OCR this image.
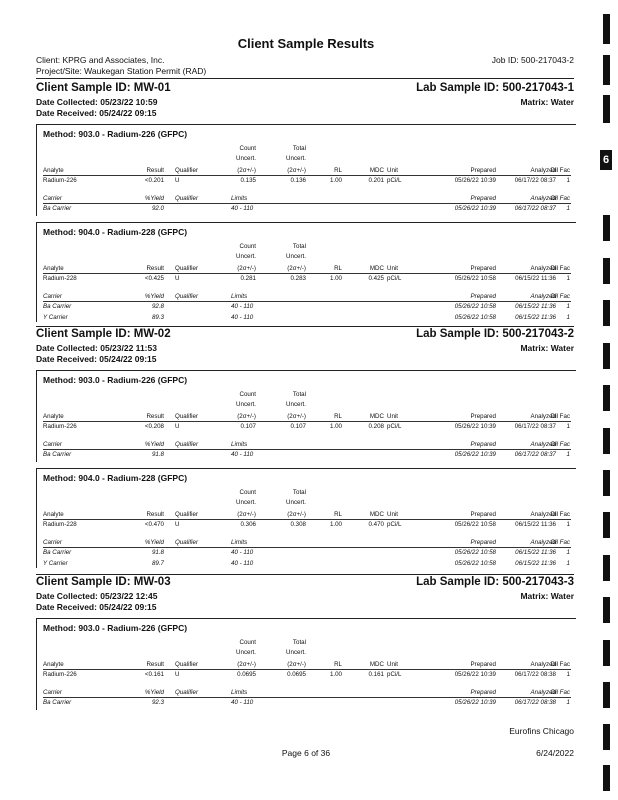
Client Sample Results
Client: KPRG and Associates, Inc.
Project/Site: Waukegan Station Permit (RAD)
Job ID: 500-217043-2
Client Sample ID: MW-01	Lab Sample ID: 500-217043-1
Date Collected: 05/23/22 10:59	Matrix: Water
Date Received: 05/24/22 09:15
Method: 903.0 - Radium-226 (GFPC)
Count	Total
Uncert.	Uncert.
Analyte	Result Qualifier	(2σ+/-)	(2σ+/-)	RL	MDC Unit	Prepared	Analyzed
Dil Fac
Radium-226	<0.201 U	0.135	0.136	1.00	0.201 pCi/L	05/26/22 10:39	06/17/22 08:37 1
Carrier	%Yield Qualifier	Limits	Prepared	Analyzed
Dil Fac
Ba Carrier	92.0	40 - 110	05/26/22 10:39	06/17/22 08:37 1
Method: 904.0 - Radium-228 (GFPC)
Count	Total
Uncert.	Uncert.
Analyte	Result Qualifier	(2σ+/-)	(2σ+/-)	RL	MDC Unit	Prepared	Analyzed
Dil Fac
Radium-228	<0.425 U	0.281	0.283	1.00	0.425 pCi/L	05/26/22 10:58	06/15/22 11:36 1
Carrier	%Yield Qualifier	Limits	Prepared	Analyzed
Dil Fac
Ba Carrier	92.8	40 - 110	05/26/22 10:58	06/15/22 11:36 1
Y Carrier	89.3	40 - 110	05/26/22 10:58	06/15/22 11:36 1
Client Sample ID: MW-02	Lab Sample ID: 500-217043-2
Date Collected: 05/23/22 11:53	Matrix: Water
Date Received: 05/24/22 09:15
Method: 903.0 - Radium-226 (GFPC)
Count	Total
Uncert.	Uncert.
Analyte	Result Qualifier	(2σ+/-)	(2σ+/-)	RL	MDC Unit	Prepared	Analyzed
Dil Fac
Radium-226	<0.208 U	0.107	0.107	1.00	0.208 pCi/L	05/26/22 10:39	06/17/22 08:37 1
Carrier	%Yield Qualifier	Limits	Prepared	Analyzed
Dil Fac
Ba Carrier	91.8	40 - 110	05/26/22 10:39	06/17/22 08:37 1
Method: 904.0 - Radium-228 (GFPC)
Count	Total
Uncert.	Uncert.
Analyte	Result Qualifier	(2σ+/-)	(2σ+/-)	RL	MDC Unit	Prepared	Analyzed
Dil Fac
Radium-228	<0.470 U	0.306	0.308	1.00	0.470 pCi/L	05/26/22 10:58	06/15/22 11:36 1
Carrier	%Yield Qualifier	Limits	Prepared	Analyzed
Dil Fac
Ba Carrier	91.8	40 - 110	05/26/22 10:58	06/15/22 11:36 1
Y Carrier	89.7	40 - 110	05/26/22 10:58	06/15/22 11:36 1
Client Sample ID: MW-03	Lab Sample ID: 500-217043-3
Date Collected: 05/23/22 12:45	Matrix: Water
Date Received: 05/24/22 09:15
Method: 903.0 - Radium-226 (GFPC)
Count	Total
Uncert.	Uncert.
Analyte	Result Qualifier	(2σ+/-)	(2σ+/-)	RL	MDC Unit	Prepared	Analyzed
Dil Fac
Radium-226	<0.161 U	0.0695	0.0695	1.00	0.161 pCi/L	05/26/22 10:39	06/17/22 08:38 1
Carrier	%Yield Qualifier	Limits	Prepared	Analyzed
Dil Fac
Ba Carrier	92.3	40 - 110	05/26/22 10:39	06/17/22 08:38 1
6
Eurofins Chicago
Page 6 of 36	6/24/2022
